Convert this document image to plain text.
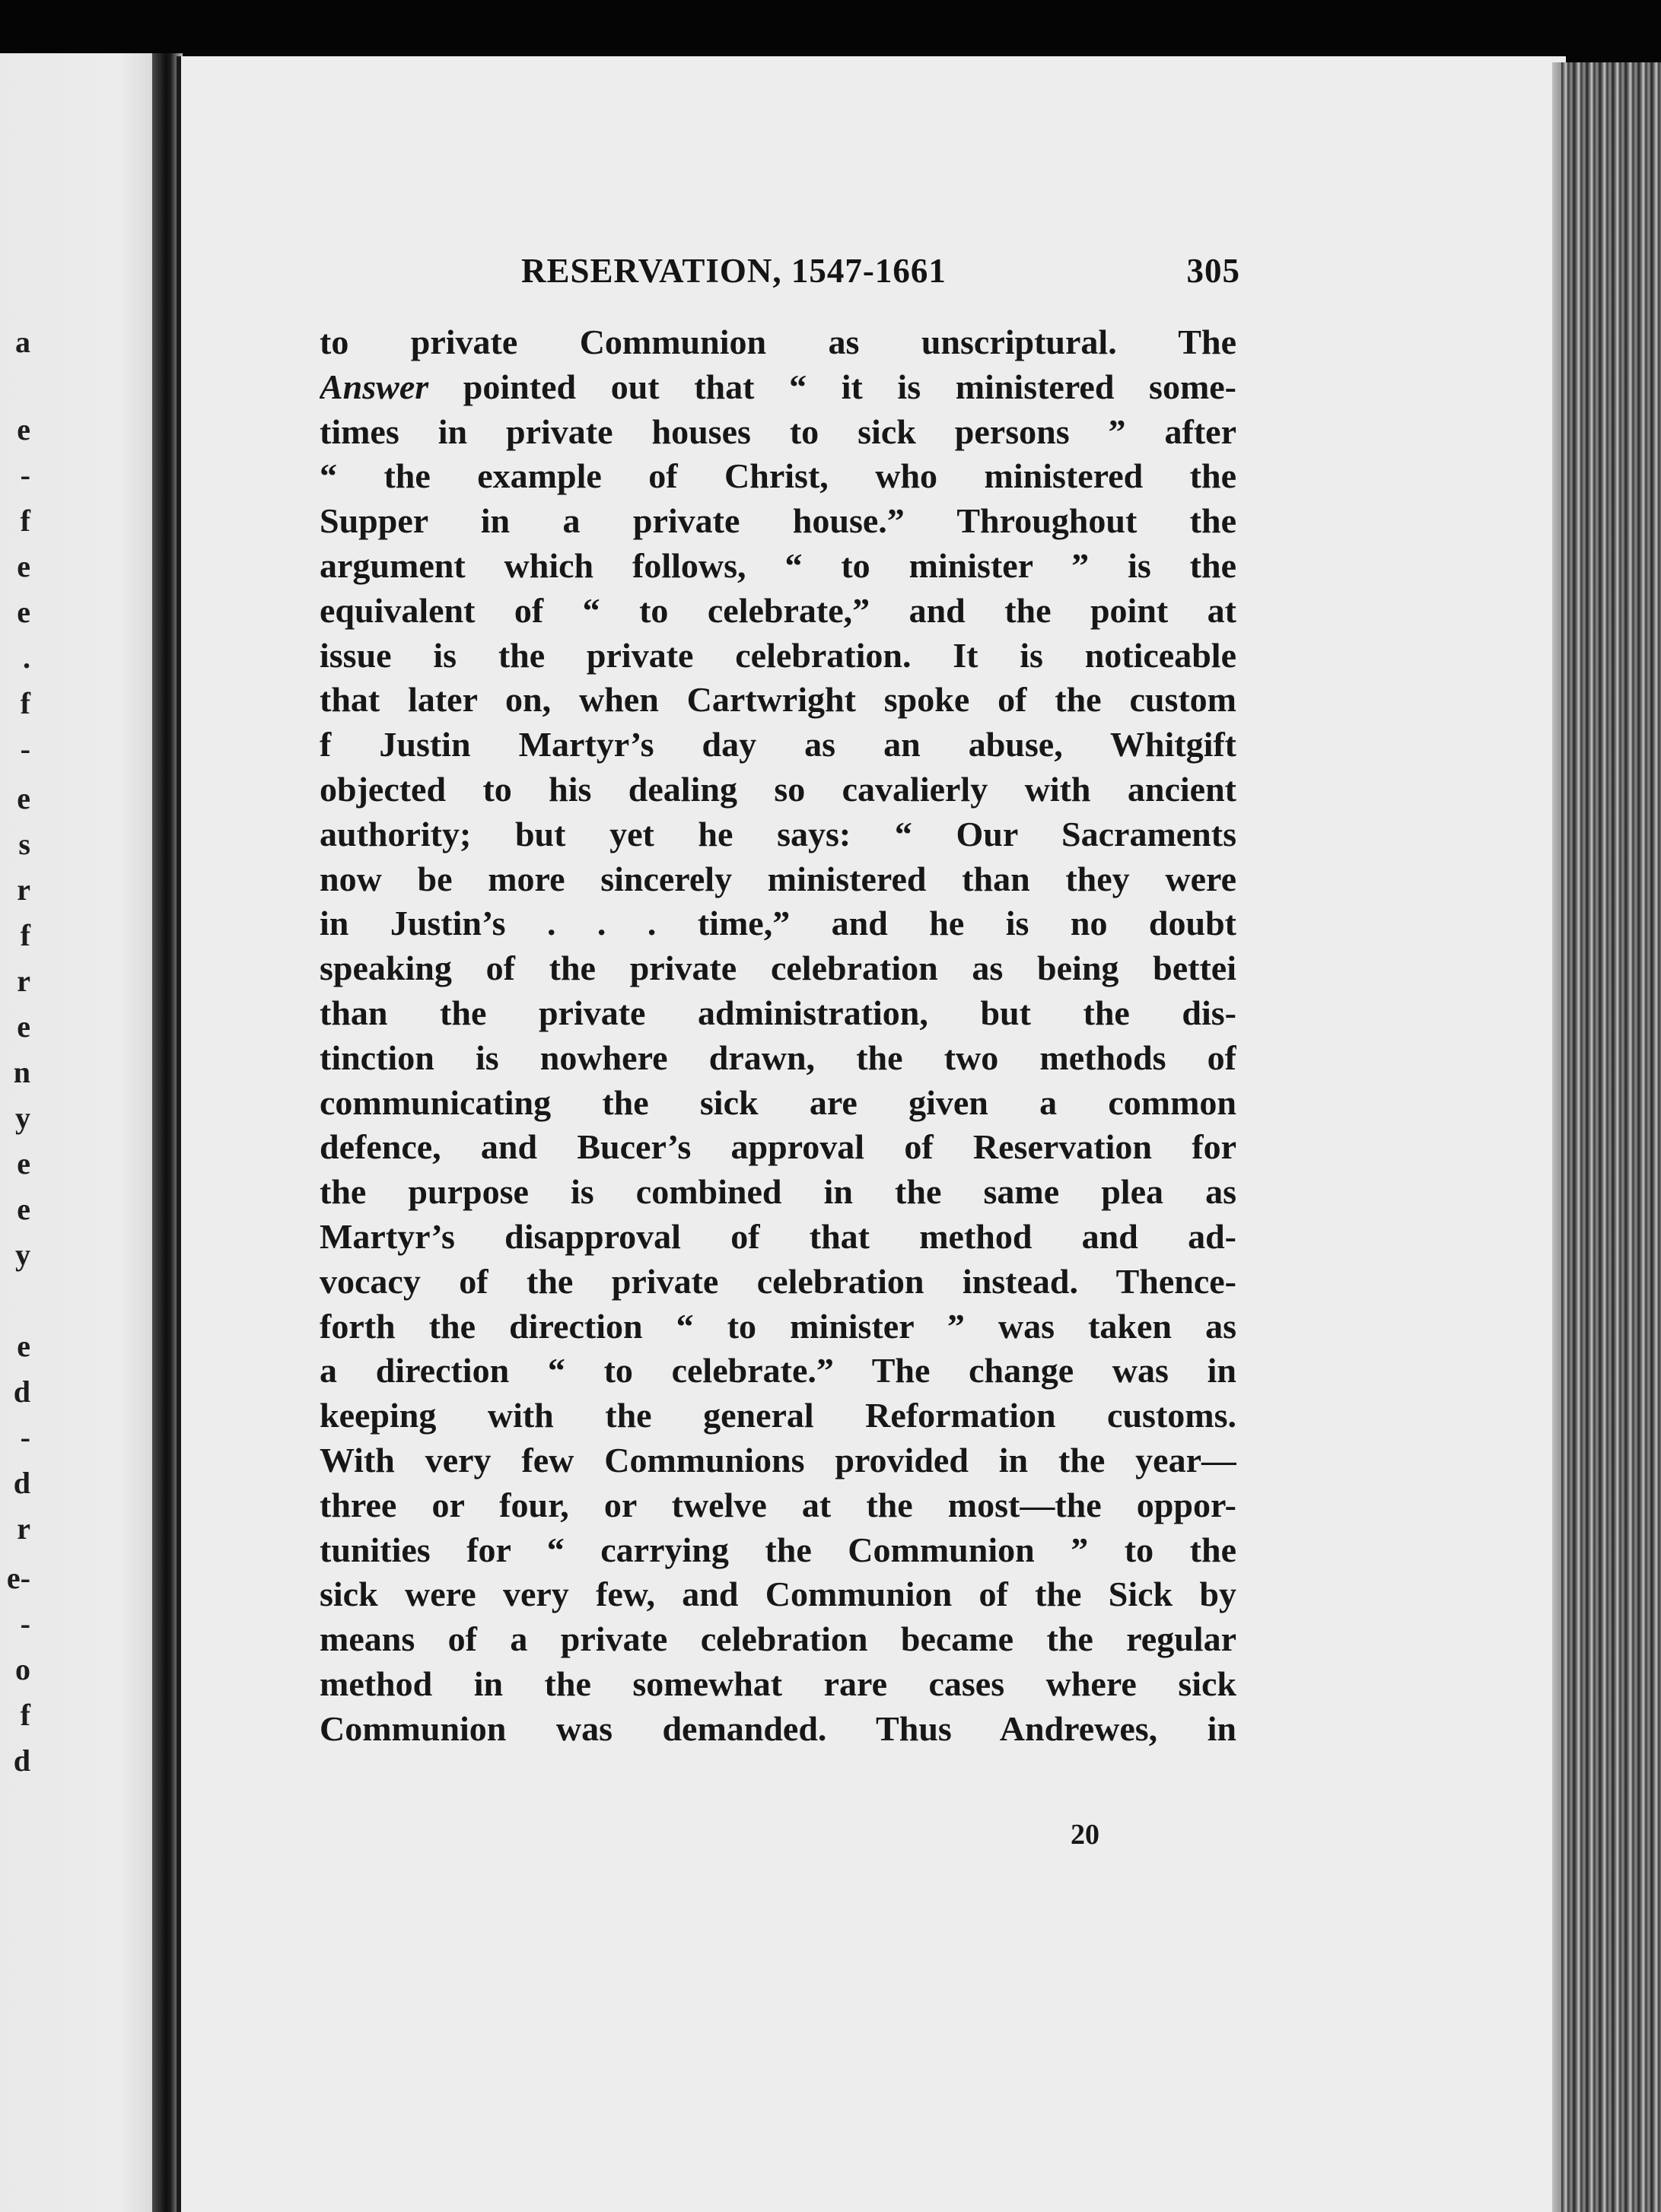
a
e
-
f
e
e
.
f
-
e
s
r
f
r
e
n
y
e
e
y
e
d
-
d
r
e-
-
o
f
d
RESERVATION, 1547-1661	305
to private Communion as unscriptural. The
Answer pointed out that “ it is ministered some-
times in private houses to sick persons ” after
“ the example of Christ, who ministered the
Supper in a private house.” Throughout the
argument which follows, “ to minister ” is the
equivalent of “ to celebrate,” and the point at
issue is the private celebration. It is noticeable
that later on, when Cartwright spoke of the custom
f Justin Martyr’s day as an abuse, Whitgift
objected to his dealing so cavalierly with ancient
authority; but yet he says: “ Our Sacraments
now be more sincerely ministered than they were
in Justin’s . . . time,” and he is no doubt
speaking of the private celebration as being bettei
than the private administration, but the dis-
tinction is nowhere drawn, the two methods of
communicating the sick are given a common
defence, and Bucer’s approval of Reservation for
the purpose is combined in the same plea as
Martyr’s disapproval of that method and ad-
vocacy of the private celebration instead. Thence-
forth the direction “ to minister ” was taken as
a direction “ to celebrate.” The change was in
keeping with the general Reformation customs.
With very few Communions provided in the year—
three or four, or twelve at the most—the oppor-
tunities for “ carrying the Communion ” to the
sick were very few, and Communion of the Sick by
means of a private celebration became the regular
method in the somewhat rare cases where sick
Communion was demanded. Thus Andrewes, in
20
